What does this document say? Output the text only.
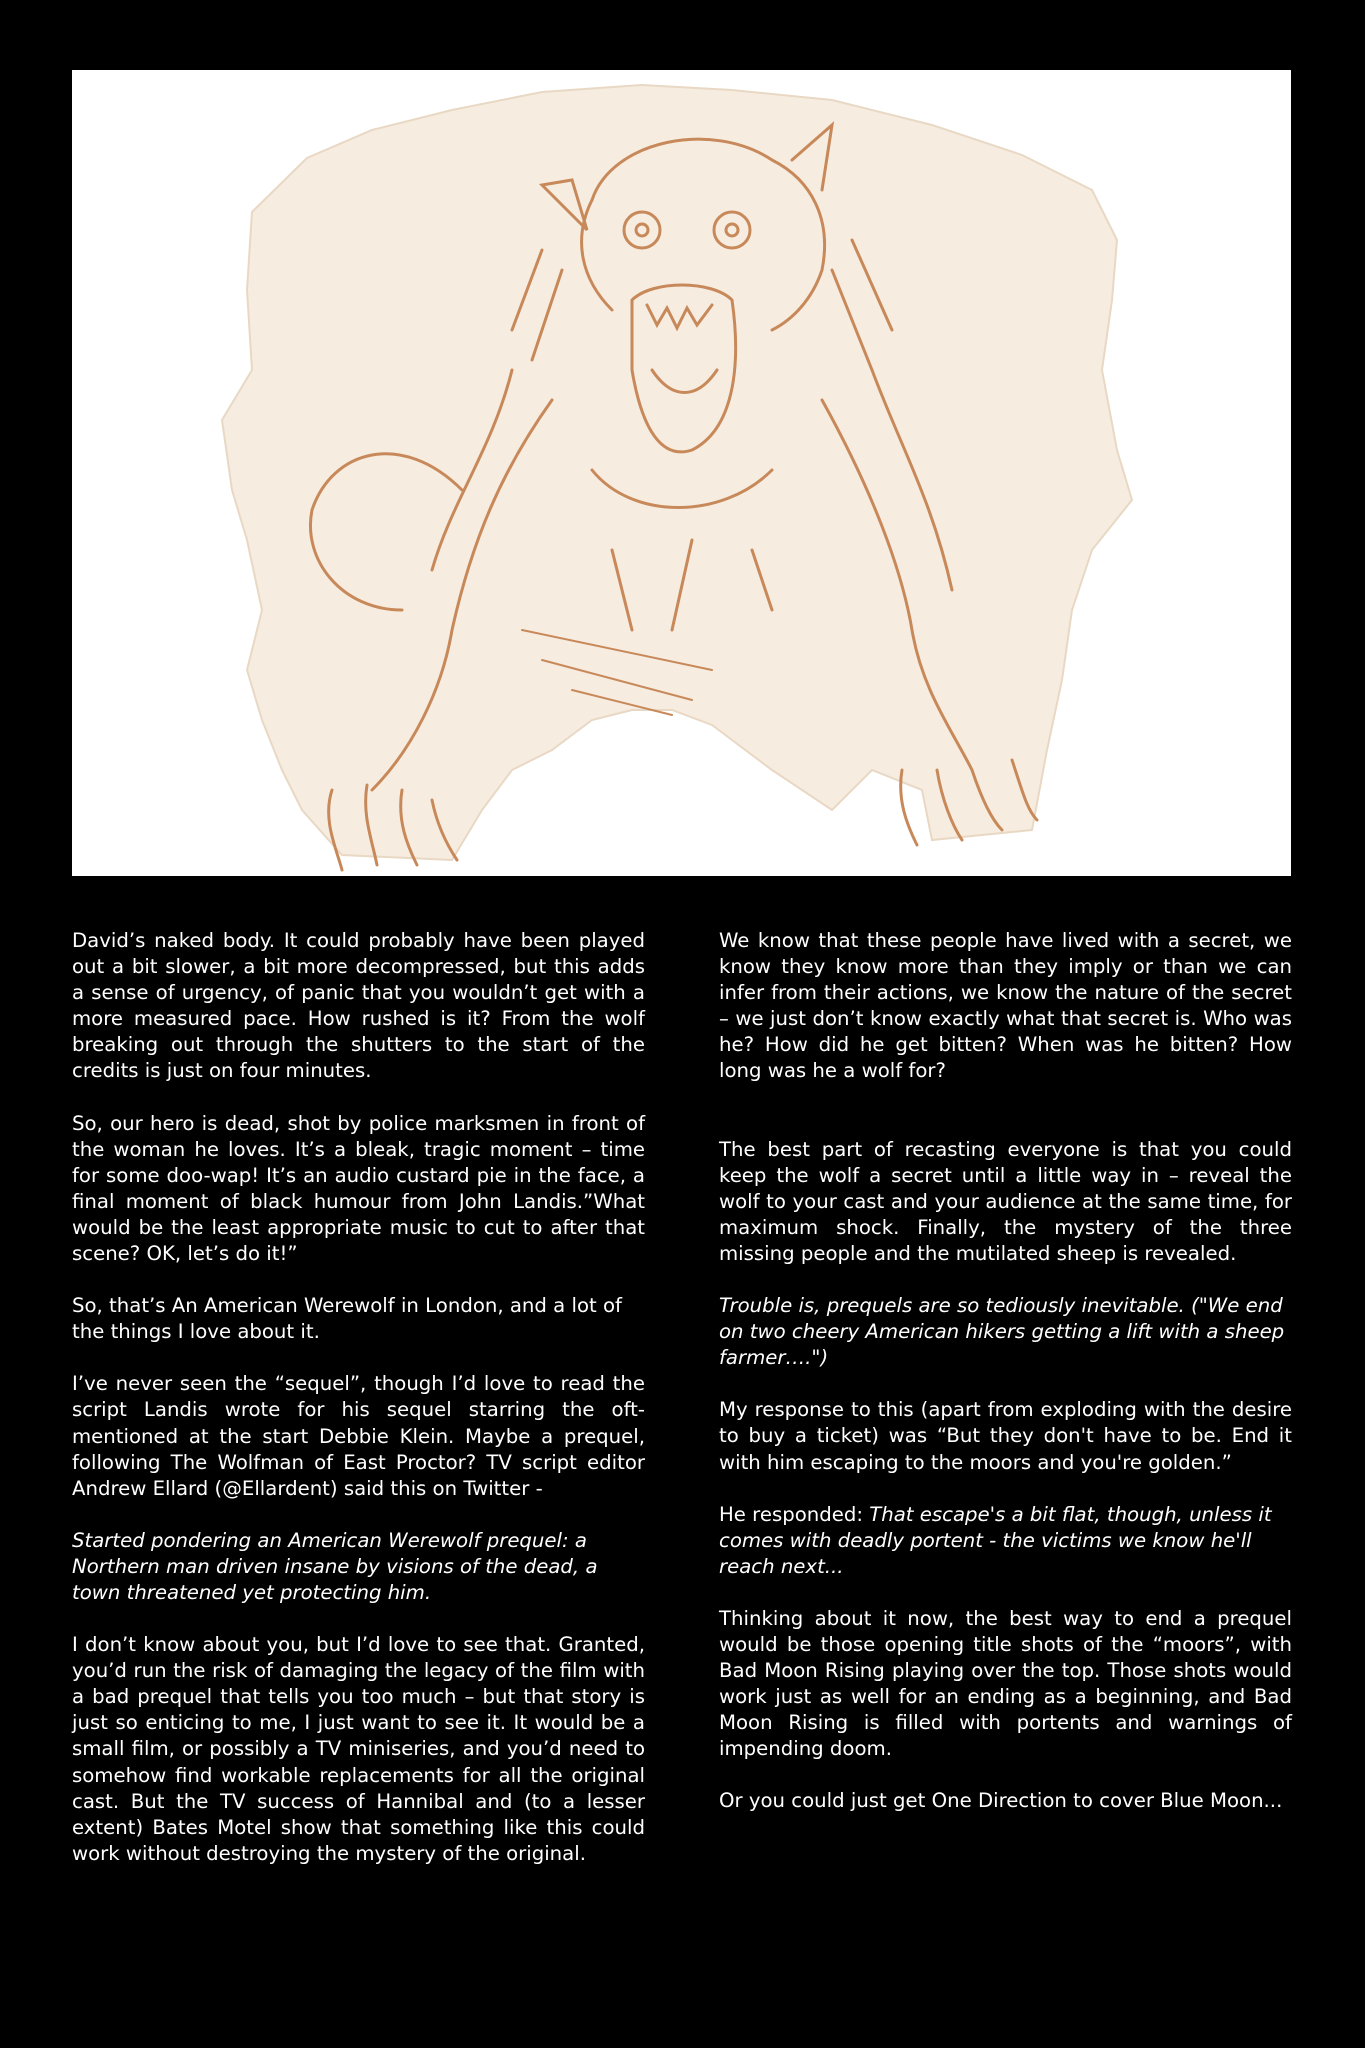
David’s naked body. It could probably have been played out a bit slower, a bit more decompressed, but this adds a sense of urgency, of panic that you wouldn’t get with a more measured pace. How rushed is it? From the wolf breaking out through the shutters to the start of the credits is just on four minutes.

So, our hero is dead, shot by police marksmen in front of the woman he loves. It’s a bleak, tragic moment – time for some doo-wap! It’s an audio custard pie in the face, a final moment of black humour from John Landis.”What would be the least appropriate music to cut to after that scene? OK, let’s do it!”

So, that’s An American Werewolf in London, and a lot of the things I love about it.

I’ve never seen the “sequel”, though I’d love to read the script Landis wrote for his sequel starring the oft-mentioned at the start Debbie Klein. Maybe a prequel, following The Wolfman of East Proctor? TV script editor Andrew Ellard (@Ellardent) said this on Twitter -

Started pondering an American Werewolf prequel: a Northern man driven insane by visions of the dead, a town threatened yet protecting him.

I don’t know about you, but I’d love to see that. Granted, you’d run the risk of damaging the legacy of the film with a bad prequel that tells you too much – but that story is just so enticing to me, I just want to see it. It would be a small film, or possibly a TV miniseries, and you’d need to somehow find workable replacements for all the original cast. But the TV success of Hannibal and (to a lesser extent) Bates Motel show that something like this could work without destroying the mystery of the original.

We know that these people have lived with a secret, we know they know more than they imply or than we can infer from their actions, we know the nature of the secret – we just don’t know exactly what that secret is. Who was he? How did he get bitten? When was he bitten? How long was he a wolf for?

The best part of recasting everyone is that you could keep the wolf a secret until a little way in – reveal the wolf to your cast and your audience at the same time, for maximum shock. Finally, the mystery of the three missing people and the mutilated sheep is revealed.

Trouble is, prequels are so tediously inevitable. ("We end on two cheery American hikers getting a lift with a sheep farmer….")

My response to this (apart from exploding with the desire to buy a ticket) was “But they don't have to be. End it with him escaping to the moors and you're golden.”

He responded: That escape's a bit flat, though, unless it comes with deadly portent - the victims we know he'll reach next...

Thinking about it now, the best way to end a prequel would be those opening title shots of the “moors”, with Bad Moon Rising playing over the top. Those shots would work just as well for an ending as a beginning, and Bad Moon Rising is filled with portents and warnings of impending doom.

Or you could just get One Direction to cover Blue Moon...
